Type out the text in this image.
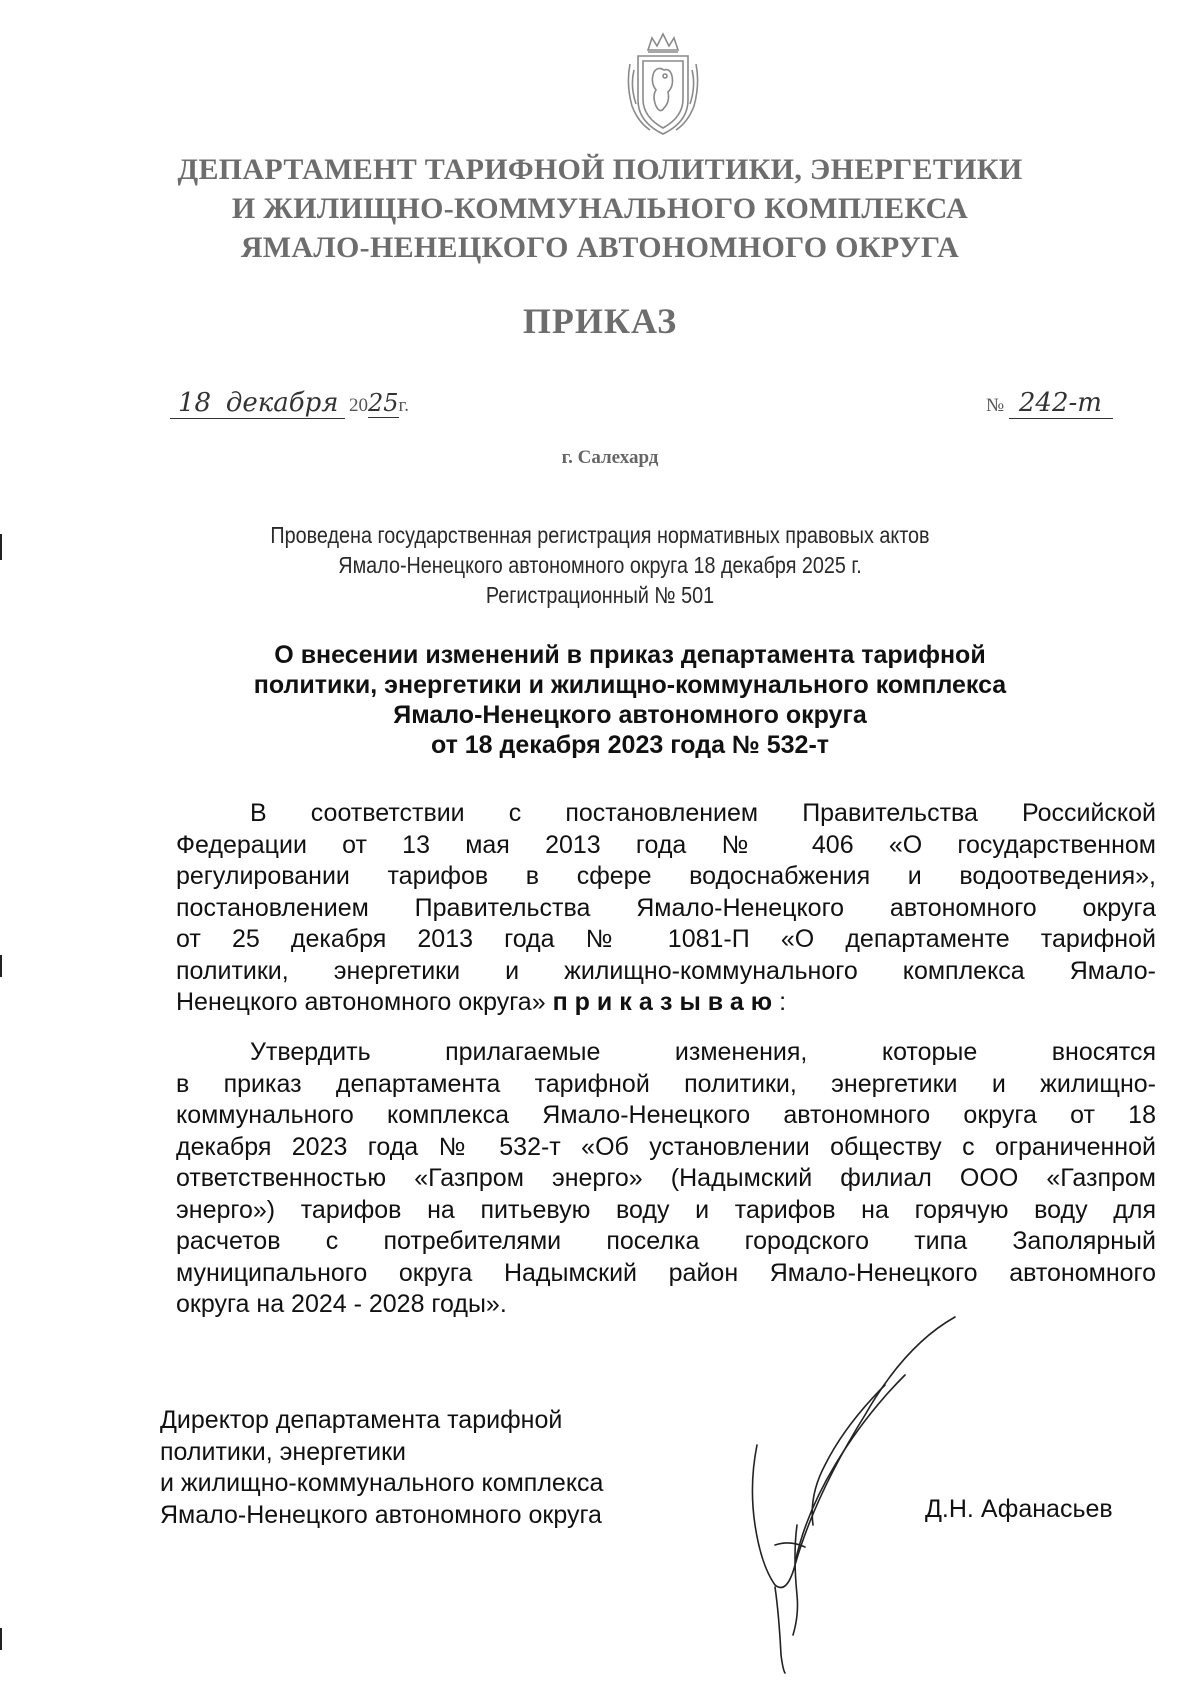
ДЕПАРТАМЕНТ ТАРИФНОЙ ПОЛИТИКИ, ЭНЕРГЕТИКИ
И ЖИЛИЩНО-КОММУНАЛЬНОГО КОМПЛЕКСА
ЯМАЛО-НЕНЕЦКОГО АВТОНОМНОГО ОКРУГА
ПРИКАЗ
18 декабря 2025г.	№ 242-т
г. Салехард
Проведена государственная регистрация нормативных правовых актов
Ямало-Ненецкого автономного округа 18 декабря 2025 г.
Регистрационный № 501
О внесении изменений в приказ департамента тарифной
политики, энергетики и жилищно-коммунального комплекса
Ямало-Ненецкого автономного округа
от 18 декабря 2023 года № 532-т
В соответствии с постановлением Правительства Российской
Федерации от 13 мая 2013 года № 406 «О государственном
регулировании тарифов в сфере водоснабжения и водоотведения»,
постановлением Правительства Ямало-Ненецкого автономного округа
от 25 декабря 2013 года № 1081-П «О департаменте тарифной
политики, энергетики и жилищно-коммунального комплекса Ямало-
Ненецкого автономного округа» приказываю:
Утвердить прилагаемые изменения, которые вносятся
в приказ департамента тарифной политики, энергетики и жилищно-
коммунального комплекса Ямало-Ненецкого автономного округа от 18
декабря 2023 года № 532-т «Об установлении обществу с ограниченной
ответственностью «Газпром энерго» (Надымский филиал ООО «Газпром
энерго») тарифов на питьевую воду и тарифов на горячую воду для
расчетов с потребителями поселка городского типа Заполярный
муниципального округа Надымский район Ямало-Ненецкого автономного
округа на 2024 - 2028 годы».
Директор департамента тарифной
политики, энергетики
и жилищно-коммунального комплекса
Ямало-Ненецкого автономного округа	Д.Н. Афанасьев
